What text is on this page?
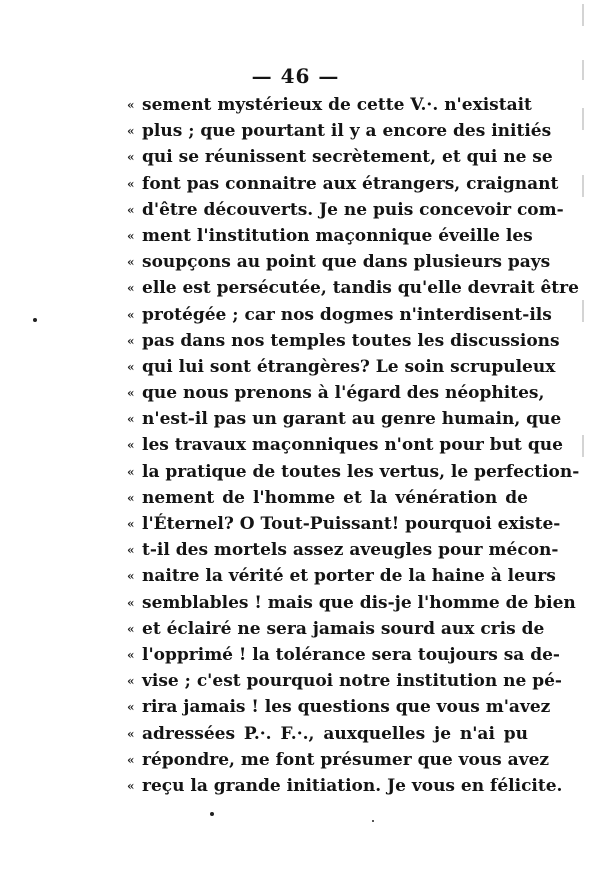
— 46 —
« sement mystérieux de cette V.·. n'existait
« plus ; que pourtant il y a encore des initiés
« qui se réunissent secrètement, et qui ne se
« font pas connaitre aux étrangers, craignant
« d'être découverts. Je ne puis concevoir com-
« ment l'institution maçonnique éveille les
« soupçons au point que dans plusieurs pays
« elle est persécutée, tandis qu'elle devrait être
« protégée ; car nos dogmes n'interdisent-ils
« pas dans nos temples toutes les discussions
« qui lui sont étrangères? Le soin scrupuleux
« que nous prenons à l'égard des néophites,
« n'est-il pas un garant au genre humain, que
« les travaux maçonniques n'ont pour but que
« la pratique de toutes les vertus, le perfection-
« nement de l'homme et la vénération de
« l'Éternel? O Tout-Puissant! pourquoi existe-
« t-il des mortels assez aveugles pour mécon-
« naitre la vérité et porter de la haine à leurs
« semblables ! mais que dis-je l'homme de bien
« et éclairé ne sera jamais sourd aux cris de
« l'opprimé ! la tolérance sera toujours sa de-
« vise ; c'est pourquoi notre institution ne pé-
« rira jamais ! les questions que vous m'avez
« adressées P.·. F.·., auxquelles je n'ai pu
« répondre, me font présumer que vous avez
« reçu la grande initiation. Je vous en félicite.
